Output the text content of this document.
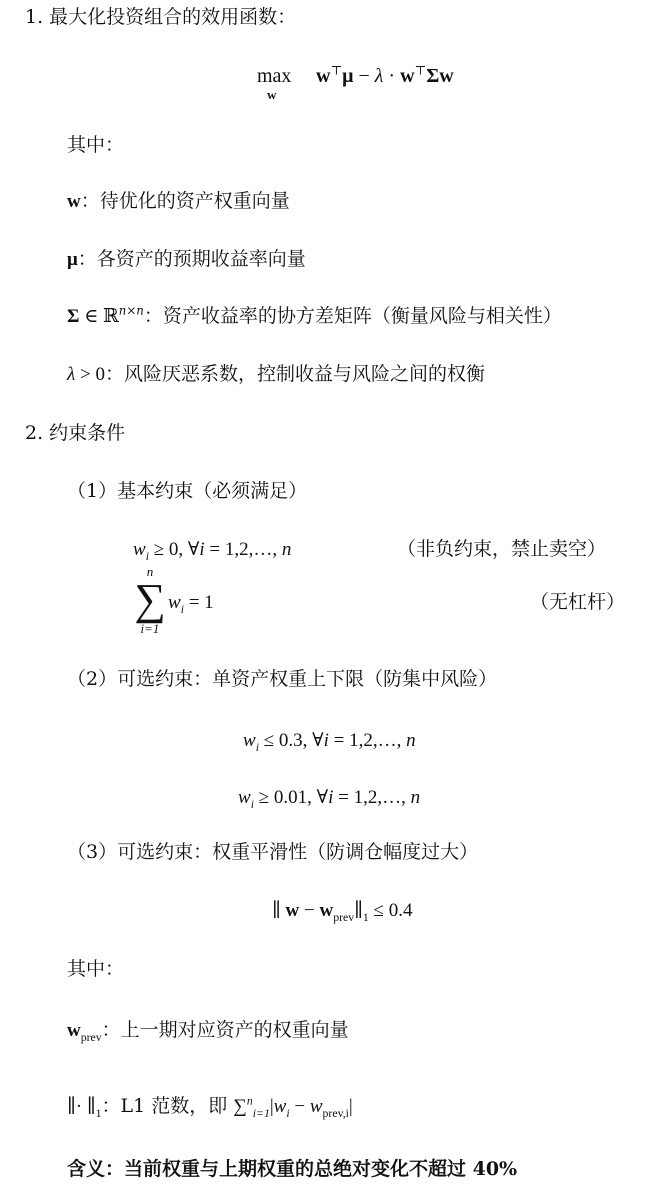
1. 最大化投资组合的效用函数：
max
w
w⊤μ − λ · w⊤Σw
其中：
w：待优化的资产权重向量
μ：各资产的预期收益率向量
Σ ∈ ℝ$^{n\times n}$：资产收益率的协方差矩阵（衡量风险与相关性）
λ > 0：风险厌恶系数，控制收益与风险之间的权衡
2. 约束条件
（1）基本约束（必须满足）
$w_i \ge 0$, ∀i = 1,2,…, n	（非负约束，禁止卖空）
n
∑
i=1
$w_i = 1$	（无杠杆）
（2）可选约束：单资产权重上下限（防集中风险）
$w_i \le 0.3$, ∀i = 1,2,…, n
$w_i \ge 0.01$, ∀i = 1,2,…, n
（3）可选约束：权重平滑性（防调仓幅度过大）
∥ $w - w_{prev}\parallel_1 \le 0.4$
其中：
$w_{prev}$：上一期对应资产的权重向量
∥· $\parallel_1$：L1 范数，即 $\sum^n_{i=1}|w_i - w_{prev,i}|$
含义：当前权重与上期权重的总绝对变化不超过 40%
